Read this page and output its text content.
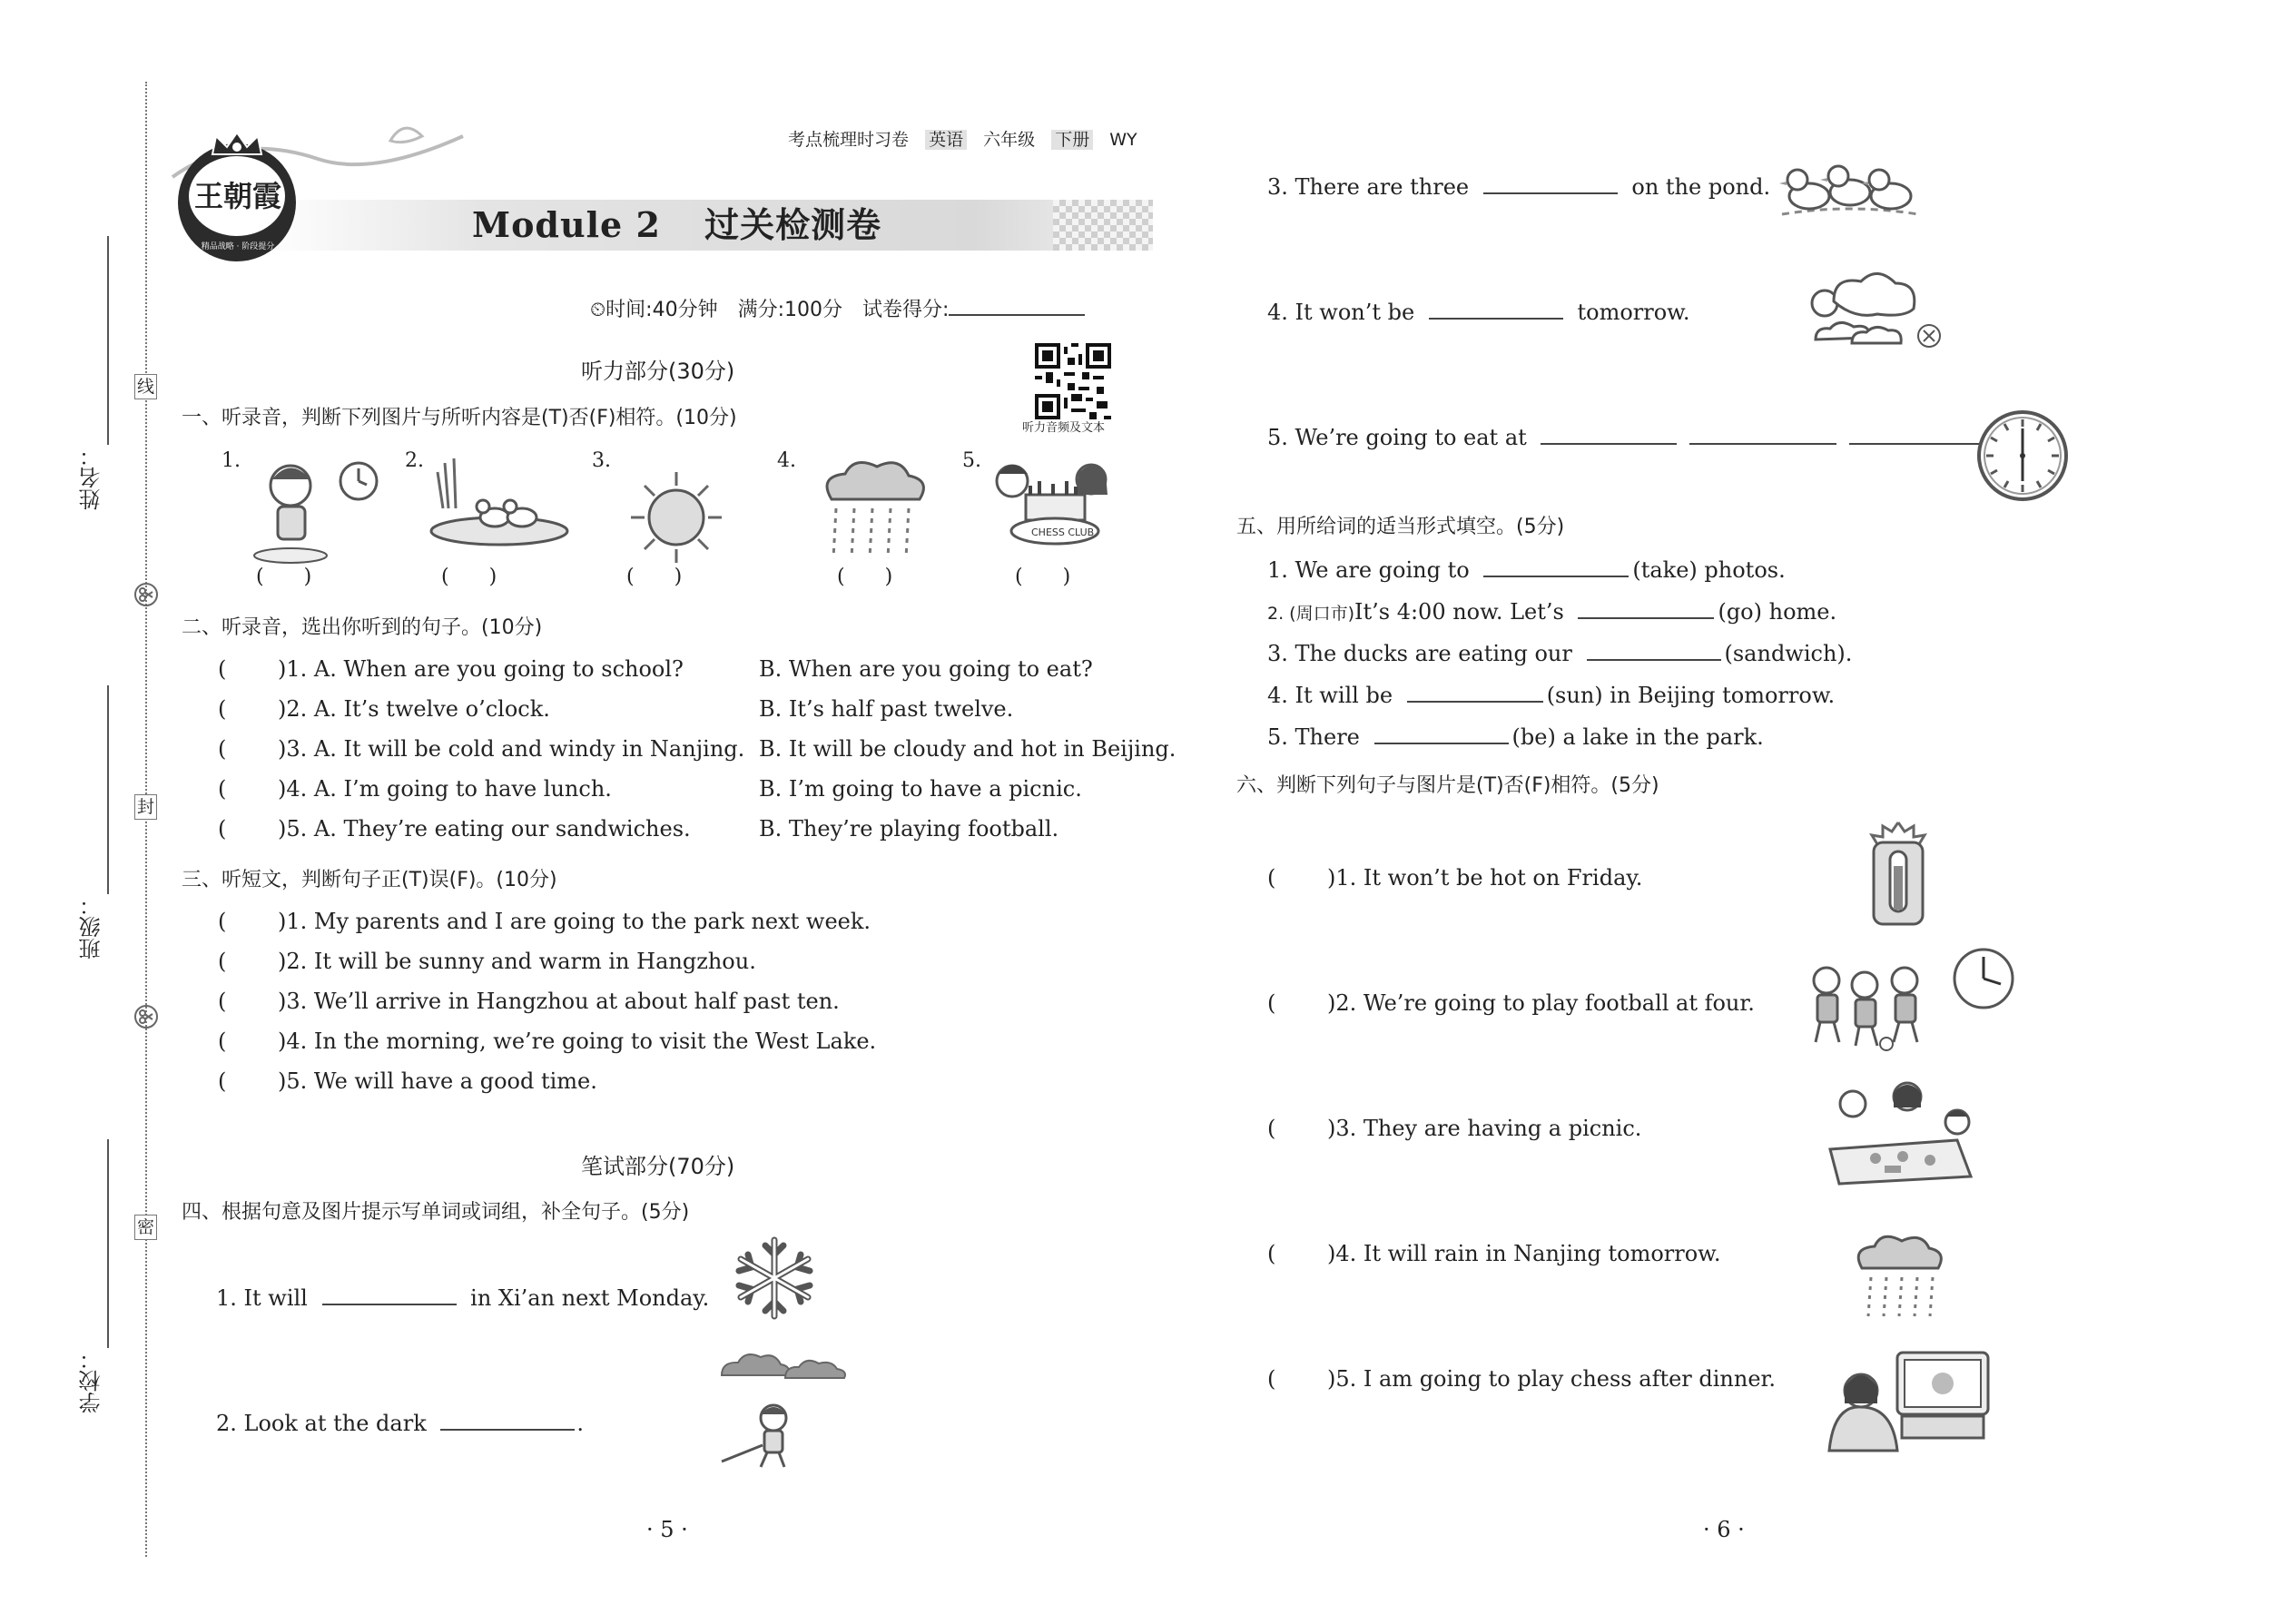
姓名：
班级：
学校：
线
封
密
王朝霞
精品战略 · 阶段提分
考点梳理时习卷 英语 六年级 下册 WY
Module 2 过关检测卷
⏲时间:40分钟　满分:100分　试卷得分:
听力音频及文本
听力部分(30分)
一、听录音，判断下列图片与所听内容是(T)否(F)相符。(10分)
1.	2.	3.	4.	5.
CHESS CLUB
(　　)	(　　)	(　　)	(　　)	(　　)
二、听录音，选出你听到的句子。(10分)
( )1. A. When are you going to school?	B. When are you going to eat?
( )2. A. It’s twelve o’clock.	B. It’s half past twelve.
( )3. A. It will be cold and windy in Nanjing. B. It will be cloudy and hot in Beijing.
( )4. A. I’m going to have lunch.	B. I’m going to have a picnic.
( )5. A. They’re eating our sandwiches.	B. They’re playing football.
三、听短文，判断句子正(T)误(F)。(10分)
( )1. My parents and I are going to the park next week.
( )2. It will be sunny and warm in Hangzhou.
( )3. We’ll arrive in Hangzhou at about half past ten.
( )4. In the morning, we’re going to visit the West Lake.
( )5. We will have a good time.
笔试部分(70分)
四、根据句意及图片提示写单词或词组，补全句子。(5分)
1. It will	in Xi’an next Monday.
2. Look at the dark	.
· 5 ·
3. There are three	on the pond.
4. It won’t be	tomorrow.
5. We’re going to eat at
五、用所给词的适当形式填空。(5分)
1. We are going to	(take) photos.
2. (周口市)It’s 4:00 now. Let’s	(go) home.
3. The ducks are eating our	(sandwich).
4. It will be	(sun) in Beijing tomorrow.
5. There	(be) a lake in the park.
六、判断下列句子与图片是(T)否(F)相符。(5分)
( )1. It won’t be hot on Friday.
( )2. We’re going to play football at four.
( )3. They are having a picnic.
( )4. It will rain in Nanjing tomorrow.
( )5. I am going to play chess after dinner.
· 6 ·
